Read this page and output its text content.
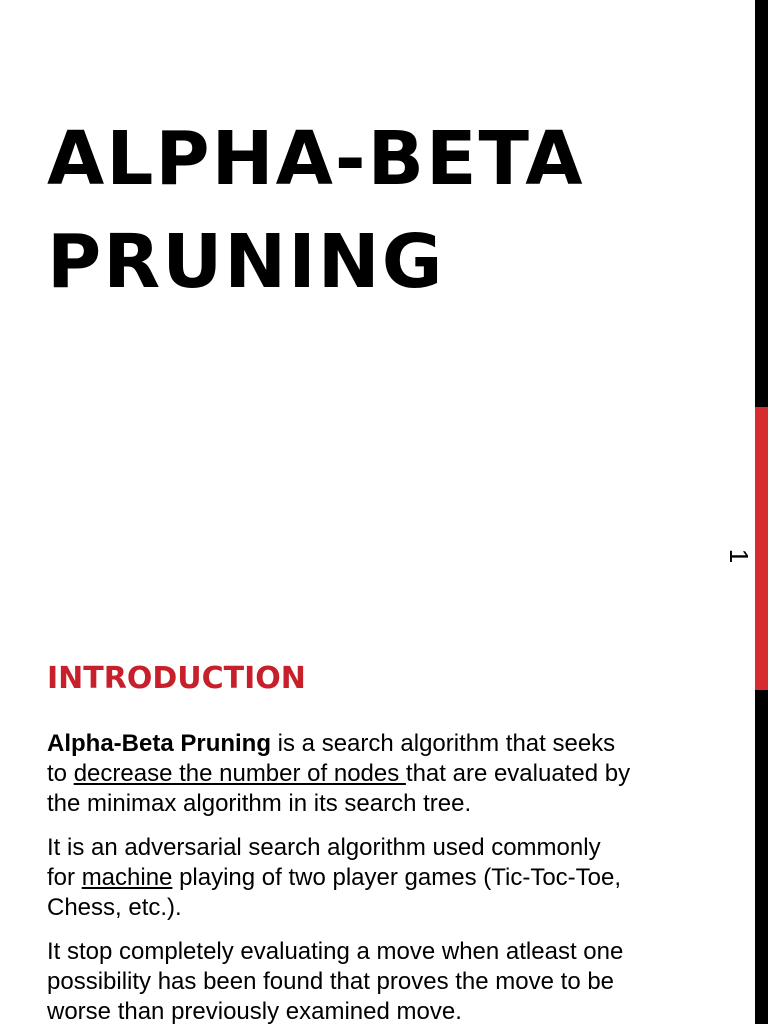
ALPHA-BETA
PRUNING
1
INTRODUCTION
Alpha-Beta Pruning is a search algorithm that seeks
to decrease the number of nodes that are evaluated by
the minimax algorithm in its search tree.
It is an adversarial search algorithm used commonly
for machine playing of two player games (Tic-Toc-Toe,
Chess, etc.).
It stop completely evaluating a move when atleast one
possibility has been found that proves the move to be
worse than previously examined move.
